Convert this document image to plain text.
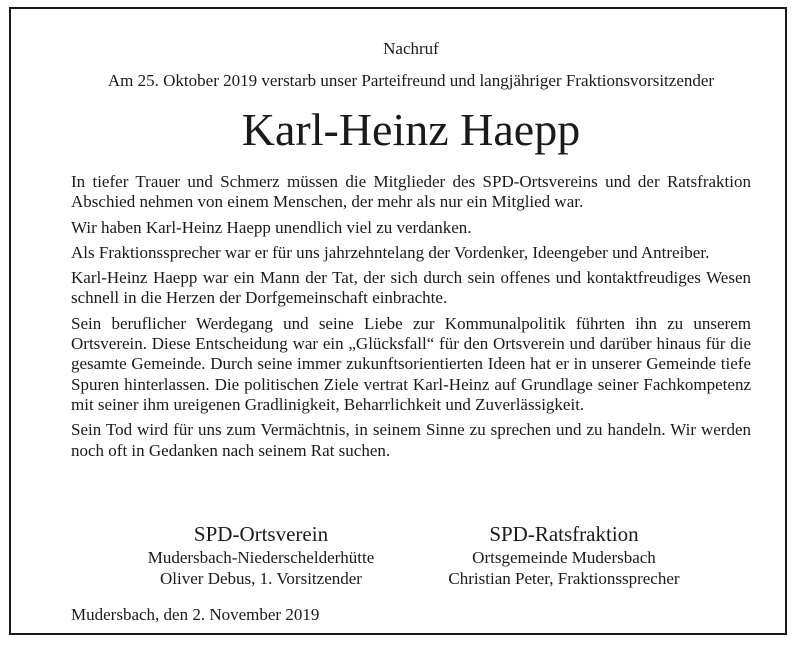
Nachruf
Am 25. Oktober 2019 verstarb unser Parteifreund und langjähriger Fraktionsvorsitzender
Karl-Heinz Haepp

In tiefer Trauer und Schmerz müssen die Mitglieder des SPD-Ortsvereins und der Ratsfraktion Abschied nehmen von einem Menschen, der mehr als nur ein Mitglied war.

Wir haben Karl-Heinz Haepp unendlich viel zu verdanken.

Als Fraktionssprecher war er für uns jahrzehntelang der Vordenker, Ideengeber und Antreiber.

Karl-Heinz Haepp war ein Mann der Tat, der sich durch sein offenes und kontaktfreudiges Wesen schnell in die Herzen der Dorfgemeinschaft einbrachte.

Sein beruflicher Werdegang und seine Liebe zur Kommunalpolitik führten ihn zu unserem Ortsverein. Diese Entscheidung war ein „Glücksfall“ für den Ortsverein und darüber hinaus für die gesamte Gemeinde. Durch seine immer zukunftsorientierten Ideen hat er in unserer Gemeinde tiefe Spuren hinterlassen. Die politischen Ziele vertrat Karl-Heinz auf Grundlage seiner Fachkompetenz mit seiner ihm ureigenen Gradlinigkeit, Beharrlichkeit und Zuverlässigkeit.

Sein Tod wird für uns zum Vermächtnis, in seinem Sinne zu sprechen und zu handeln. Wir werden noch oft in Gedanken nach seinem Rat suchen.

SPD-Ortsverein
Mudersbach-Niederschelderhütte
Oliver Debus, 1. Vorsitzender
SPD-Ratsfraktion
Ortsgemeinde Mudersbach
Christian Peter, Fraktionssprecher
Mudersbach, den 2. November 2019
